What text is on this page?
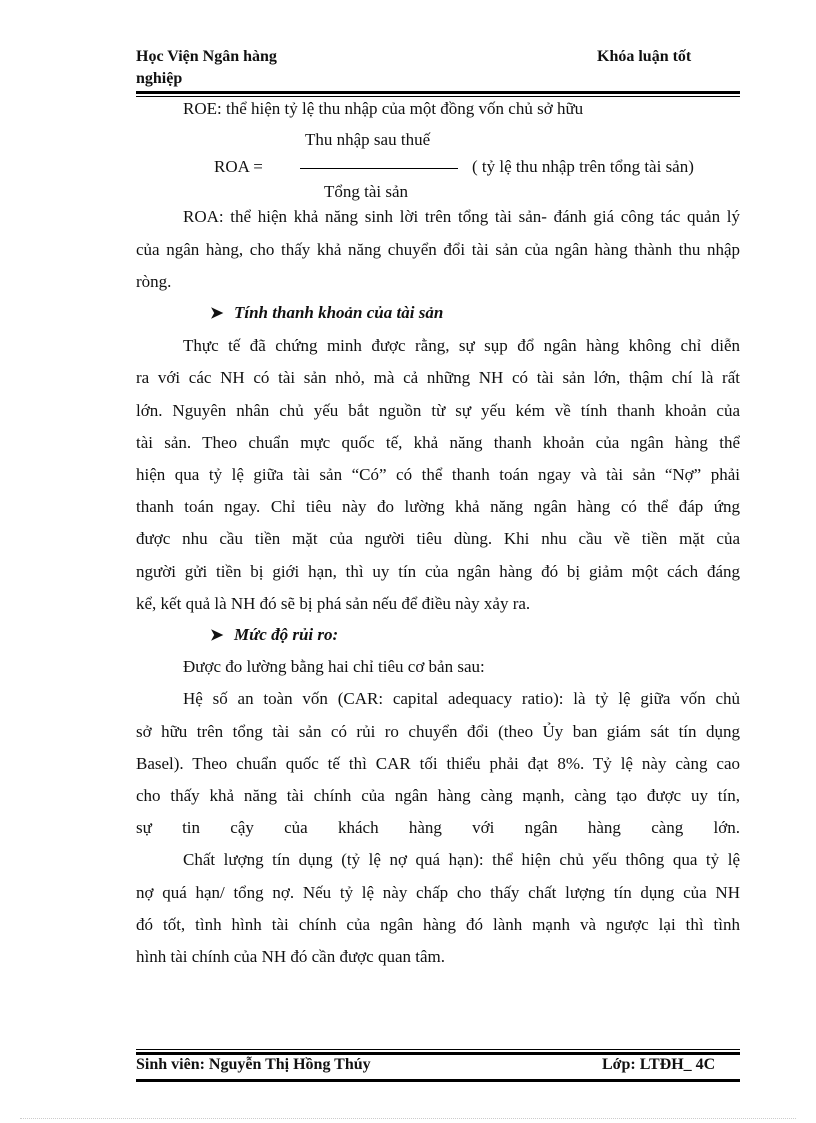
Học Viện Ngân hàng	Khóa luận tốt
nghiệp
ROE: thể hiện tỷ lệ thu nhập của một đồng vốn chủ sở hữu
Thu nhập sau thuế
ROA =	( tỷ lệ thu nhập trên tổng tài sản)
Tổng tài sản
ROA: thể hiện khả năng sinh lời trên tổng tài sản- đánh giá công tác quản lý
của ngân hàng, cho thấy khả năng chuyển đổi tài sản của ngân hàng thành thu nhập
ròng.
➤ Tính thanh khoản của tài sản
Thực tế đã chứng minh được rằng, sự sụp đổ ngân hàng không chỉ diễn
ra với các NH có tài sản nhỏ, mà cả những NH có tài sản lớn, thậm chí là rất
lớn. Nguyên nhân chủ yếu bắt nguồn từ sự yếu kém về tính thanh khoản của
tài sản. Theo chuẩn mực quốc tế, khả năng thanh khoản của ngân hàng thể
hiện qua tỷ lệ giữa tài sản “Có” có thể thanh toán ngay và tài sản “Nợ” phải
thanh toán ngay. Chỉ tiêu này đo lường khả năng ngân hàng có thể đáp ứng
được nhu cầu tiền mặt của người tiêu dùng. Khi nhu cầu về tiền mặt của
người gửi tiền bị giới hạn, thì uy tín của ngân hàng đó bị giảm một cách đáng
kể, kết quả là NH đó sẽ bị phá sản nếu để điều này xảy ra.
➤ Mức độ rủi ro:
Được đo lường bằng hai chỉ tiêu cơ bản sau:
Hệ số an toàn vốn (CAR: capital adequacy ratio): là tỷ lệ giữa vốn chủ
sở hữu trên tổng tài sản có rủi ro chuyển đổi (theo Ủy ban giám sát tín dụng
Basel). Theo chuẩn quốc tế thì CAR tối thiểu phải đạt 8%. Tỷ lệ này càng cao
cho thấy khả năng tài chính của ngân hàng càng mạnh, càng tạo được uy tín,
sự tin cậy của khách hàng với ngân hàng càng lớn.
Chất lượng tín dụng (tỷ lệ nợ quá hạn): thể hiện chủ yếu thông qua tỷ lệ
nợ quá hạn/ tổng nợ. Nếu tỷ lệ này chấp cho thấy chất lượng tín dụng của NH
đó tốt, tình hình tài chính của ngân hàng đó lành mạnh và ngược lại thì tình
hình tài chính của NH đó cần được quan tâm.
Sinh viên: Nguyễn Thị Hồng Thúy	Lớp: LTĐH_ 4C
